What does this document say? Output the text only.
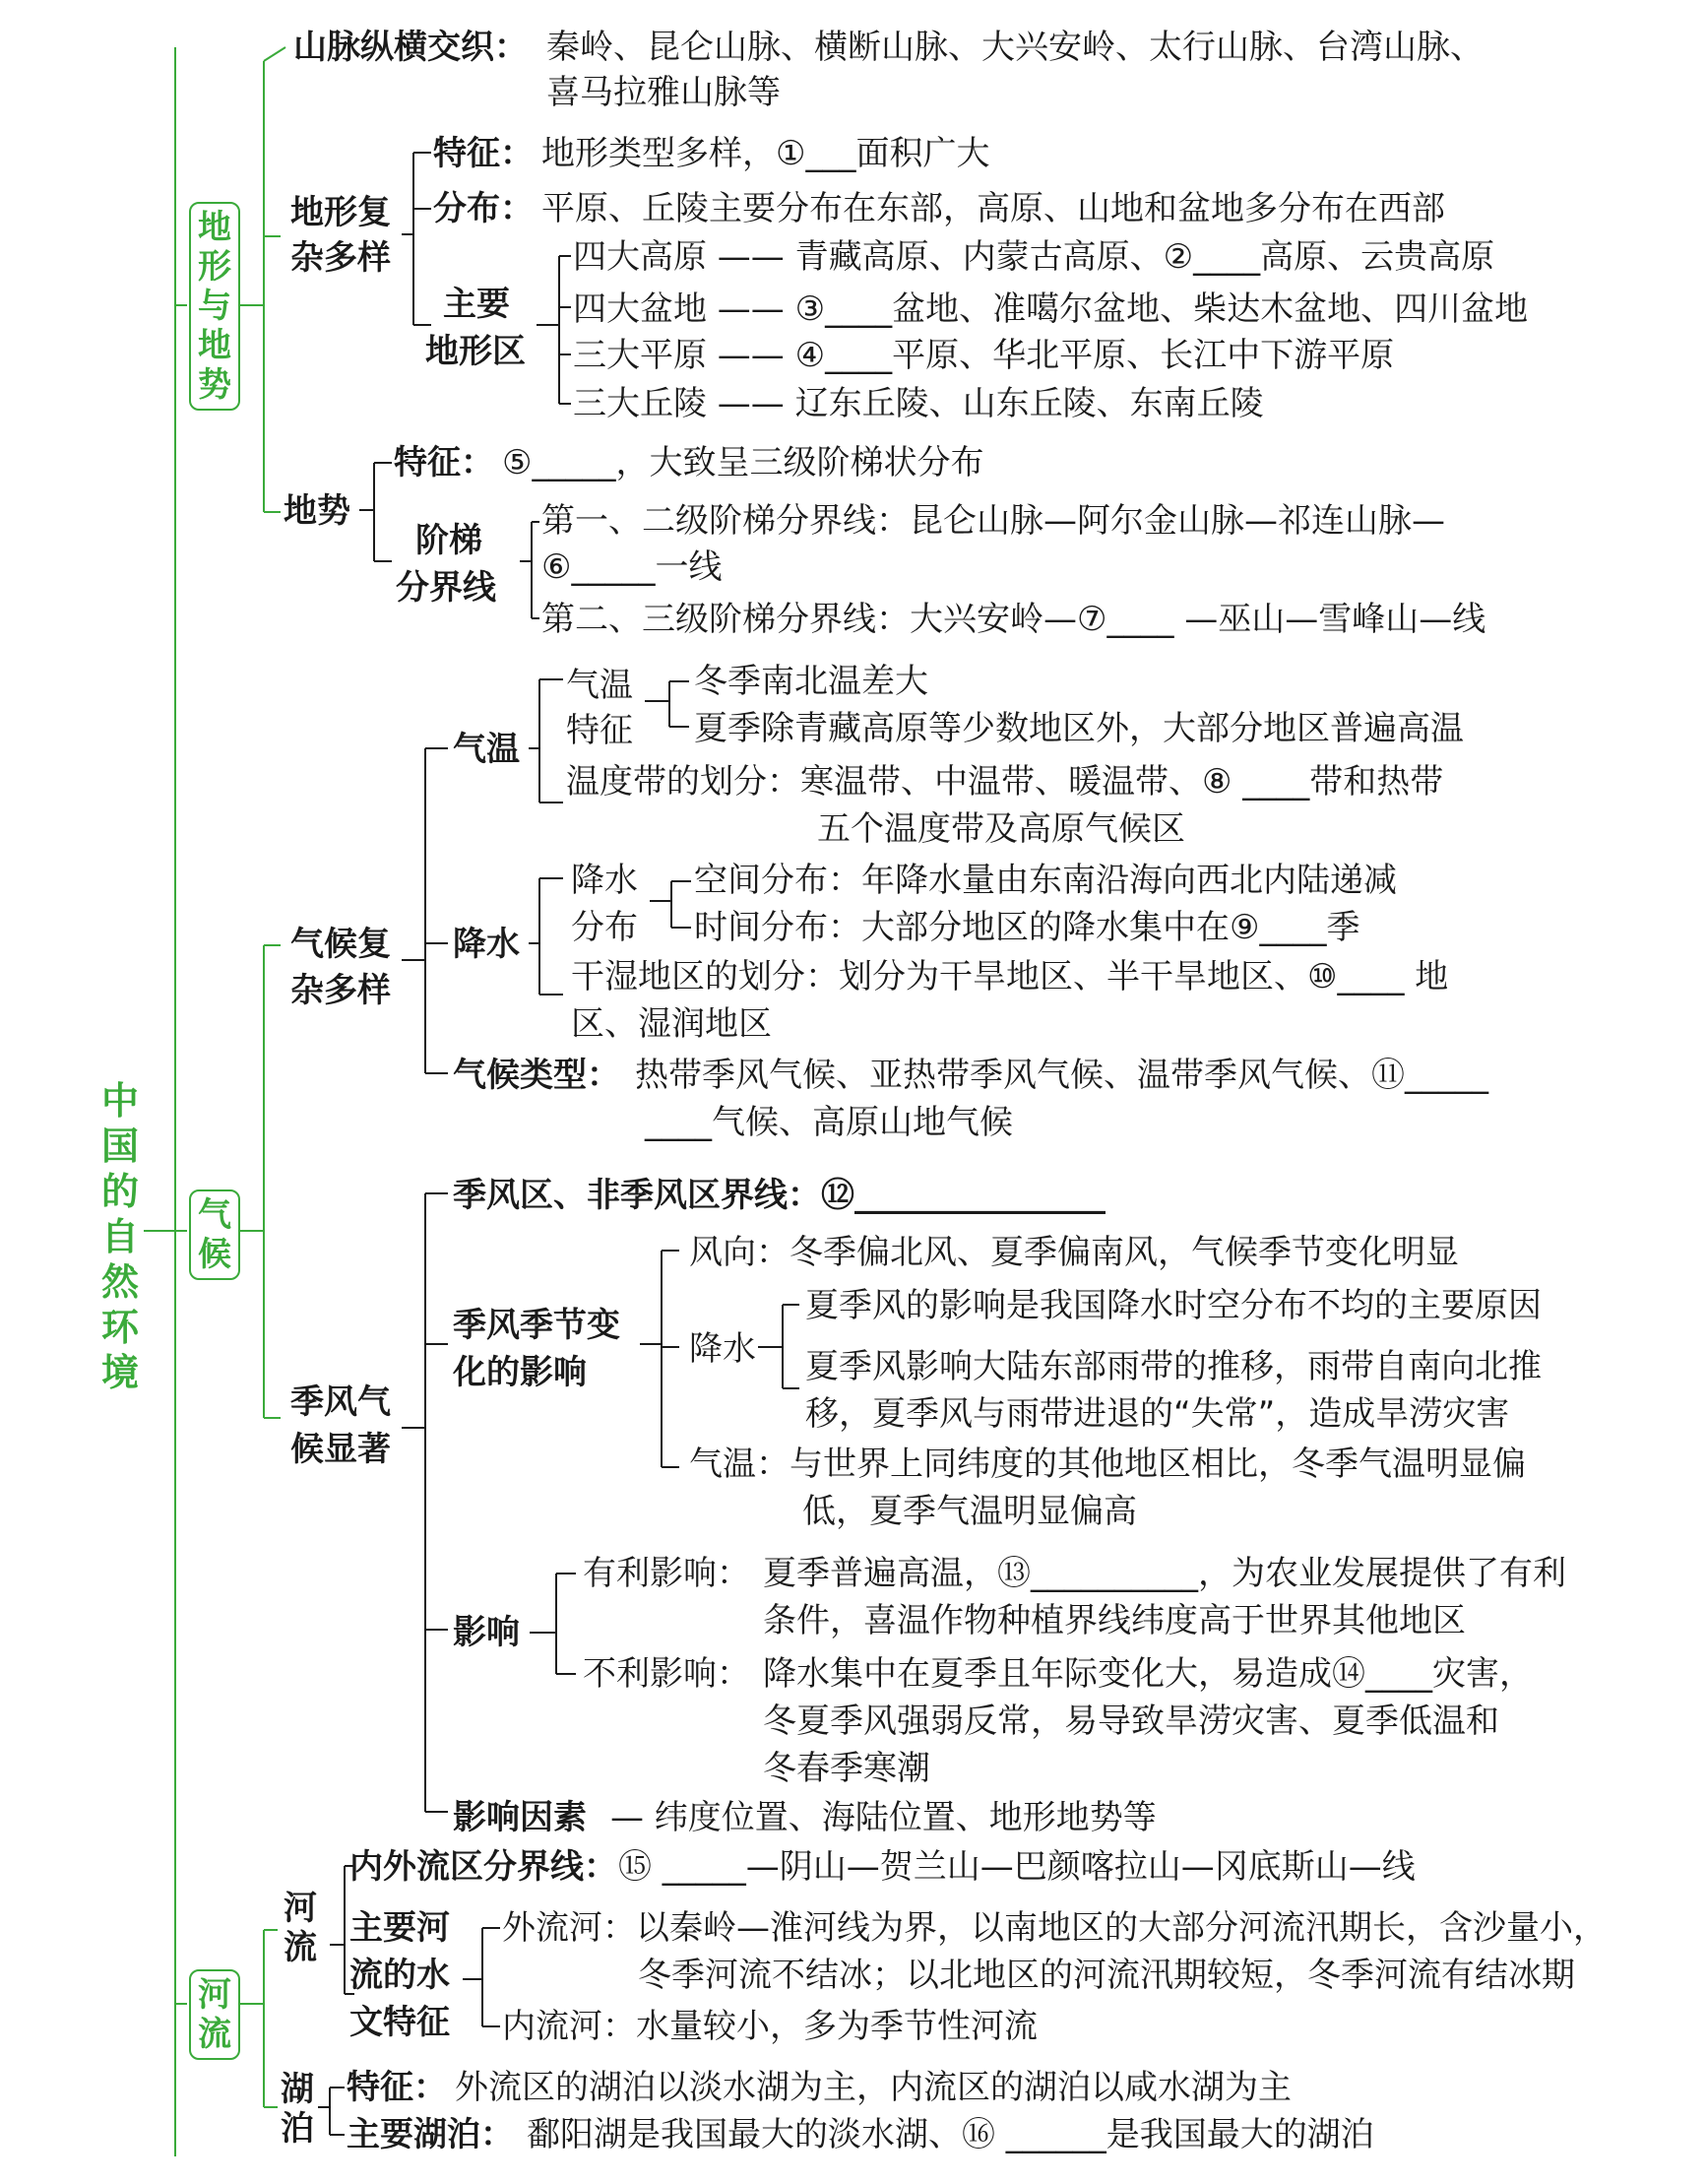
中
国
的
自
然
环
境
地
形
与
地
势
气
候
河
流
山脉纵横交织： 秦岭、昆仑山脉、横断山脉、大兴安岭、太行山脉、台湾山脉、
喜马拉雅山脉等
地形复
杂多样
特征： 地形类型多样，①___面积广大
分布： 平原、丘陵主要分布在东部，高原、山地和盆地多分布在西部
主要
地形区
四大高原 —— 青藏高原、内蒙古高原、②____高原、云贵高原
四大盆地 —— ③____盆地、准噶尔盆地、柴达木盆地、四川盆地
三大平原 —— ④____平原、华北平原、长江中下游平原
三大丘陵 —— 辽东丘陵、山东丘陵、东南丘陵
地势
特征： ⑤_____，大致呈三级阶梯状分布
阶梯
分界线
第一、二级阶梯分界线：昆仑山脉—阿尔金山脉—祁连山脉—
⑥_____一线
第二、三级阶梯分界线：大兴安岭—⑦____ —巫山—雪峰山—线
气候复
杂多样
气温
气温
特征
冬季南北温差大
夏季除青藏高原等少数地区外，大部分地区普遍高温
温度带的划分：寒温带、中温带、暖温带、⑧ ____带和热带
五个温度带及高原气候区
降水
降水
分布
空间分布：年降水量由东南沿海向西北内陆递减
时间分布：大部分地区的降水集中在⑨____季
干湿地区的划分：划分为干旱地区、半干旱地区、⑩____ 地
区、湿润地区
气候类型： 热带季风气候、亚热带季风气候、温带季风气候、⑪_____
____气候、高原山地气候
季风气
候显著
季风区、非季风区界线：⑫_______________
季风季节变
化的影响
风向：冬季偏北风、夏季偏南风，气候季节变化明显
降水
夏季风的影响是我国降水时空分布不均的主要原因
夏季风影响大陆东部雨带的推移，雨带自南向北推
移，夏季风与雨带进退的“失常”，造成旱涝灾害
气温：与世界上同纬度的其他地区相比，冬季气温明显偏
低，夏季气温明显偏高
影响
有利影响： 夏季普遍高温，⑬__________，为农业发展提供了有利
条件，喜温作物种植界线纬度高于世界其他地区
不利影响： 降水集中在夏季且年际变化大，易造成⑭____灾害，
冬夏季风强弱反常，易导致旱涝灾害、夏季低温和
冬春季寒潮
影响因素 — 纬度位置、海陆位置、地形地势等
河
流
内外流区分界线： ⑮ _____—阴山—贺兰山—巴颜喀拉山—冈底斯山—线
主要河
流的水
文特征
外流河：以秦岭—淮河线为界，以南地区的大部分河流汛期长，含沙量小，
冬季河流不结冰；以北地区的河流汛期较短，冬季河流有结冰期
内流河：水量较小，多为季节性河流
湖
泊
特征： 外流区的湖泊以淡水湖为主，内流区的湖泊以咸水湖为主
主要湖泊： 鄱阳湖是我国最大的淡水湖、⑯ ______是我国最大的湖泊
